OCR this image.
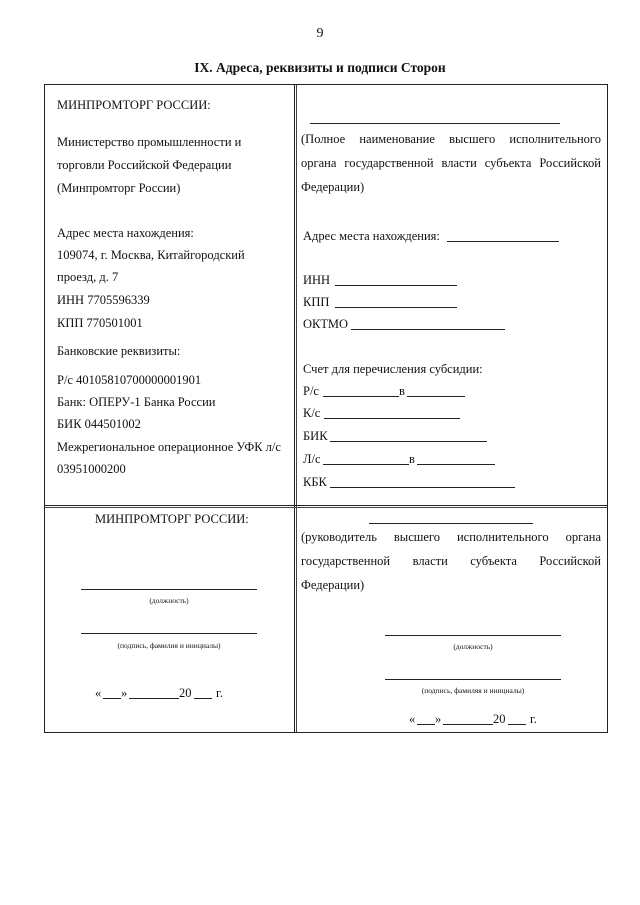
9
IX. Адреса, реквизиты и подписи Сторон
МИНПРОМТОРГ РОССИИ:
Министерство промышленности и
торговли Российской Федерации
(Минпромторг России)
Адрес места нахождения:
109074, г. Москва, Китайгородский
проезд, д. 7
ИНН 7705596339
КПП 770501001
Банковские реквизиты:
Р/с 40105810700000001901
Банк: ОПЕРУ-1 Банка России
БИК 044501002
Межрегиональное операционное УФК л/с
03951000200
(Полное наименование высшего исполнительного органа государственной власти субъекта Российской Федерации)
Адрес места нахождения:
ИНН
КПП
ОКТМО
Счет для перечисления субсидии:
Р/с	в
К/с
БИК
Л/с	в
КБК
МИНПРОМТОРГ РОССИИ:
(должность)
(подпись, фамилия и инициалы)
« »	20 г.
(руководитель высшего исполнительного органа государственной власти субъекта Российской Федерации)
(должность)
(подпись, фамиляя и инициалы)
« »	20 г.
